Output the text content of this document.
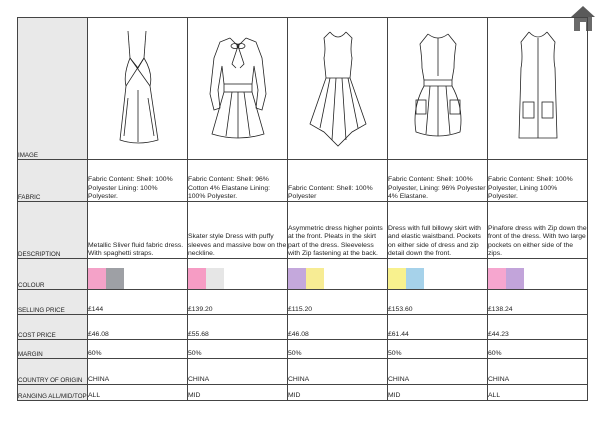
IMAGE	

FABRIC	Fabric Content: Shell: 100% Polyester Lining: 100% Polyester.	Fabric Content: Shell: 96% Cotton 4% Elastane Lining: 100% Polyester.	Fabric Content: Shell: 100% Polyester	Fabric Content: Shell: 100% Polyester, Lining: 96% Polyester 4% Elastane.	Fabric Content: Shell: 100% Polyester, Lining 100% Polyester.
DESCRIPTION	Metallic Sliver fluid fabric dress. With spaghetti straps.	Skater style Dress with puffy sleeves and massive bow on the neckline.	Asymmetric dress higher points at the front. Pleats in the skirt part of the dress. Sleeveless with Zip fastening at the back.	Dress with full billowy skirt with and elastic waistband. Pockets on either side of dress and zip detail down the front.	Pinafore dress with Zip down the front of the dress. With two large pockets on either side of the zips.
COLOUR					
SELLING PRICE	£144	£139.20	£115.20	£153.60	£138.24
COST PRICE	£46.08	£55.68	£46.08	£61.44	£44.23
MARGIN	60%	50%	50%	50%	60%
COUNTRY OF ORIGIN	CHINA	CHINA	CHINA	CHINA	CHINA
RANGING ALL/MID/TOP	ALL	MID	MID	MID	ALL
